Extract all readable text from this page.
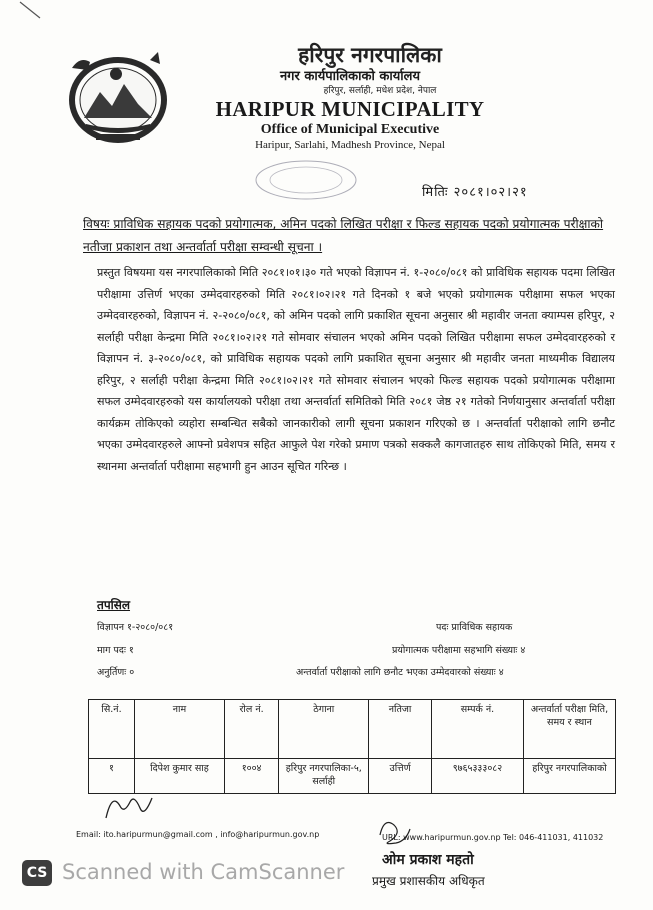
हरिपुर नगरपालिका
नगर कार्यपालिकाको कार्यालय
हरिपुर, सर्लाही, मधेश प्रदेश, नेपाल
HARIPUR MUNICIPALITY
Office of Municipal Executive
Haripur, Sarlahi, Madhesh Province, Nepal
मितिः २०८१।०२।२१
विषयः प्राविधिक सहायक पदको प्रयोगात्मक, अमिन पदको लिखित परीक्षा र फिल्ड सहायक पदको प्रयोगात्मक परीक्षाको नतीजा प्रकाशन तथा अन्तर्वार्ता परीक्षा सम्वन्धी सूचना ।
प्रस्तुत विषयमा यस नगरपालिकाको मिति २०८१।०१।३० गते भएको विज्ञापन नं. १-२०८०/०८१ को प्राविधिक सहायक पदमा लिखित परीक्षामा उत्तिर्ण भएका उम्मेदवारहरुको मिति २०८१।०२।२१ गते दिनको १ बजे भएको प्रयोगात्मक परीक्षामा सफल भएका उम्मेदवारहरुको, विज्ञापन नं. २-२०८०/०८१, को अमिन पदको लागि प्रकाशित सूचना अनुसार श्री महावीर जनता क्याम्पस हरिपुर, २ सर्लाही परीक्षा केन्द्रमा मिति २०८१।०२।२१ गते सोमवार संचालन भएको अमिन पदको लिखित परीक्षामा सफल उम्मेदवारहरुको र विज्ञापन नं. ३-२०८०/०८१, को प्राविधिक सहायक पदको लागि प्रकाशित सूचना अनुसार श्री महावीर जनता माध्यमीक विद्यालय हरिपुर, २ सर्लाही परीक्षा केन्द्रमा मिति २०८१।०२।२१ गते सोमवार संचालन भएको फिल्ड सहायक पदको प्रयोगात्मक परीक्षामा सफल उम्मेदवारहरुको यस कार्यालयको परीक्षा तथा अन्तर्वार्ता समितिको मिति २०८१ जेष्ठ २१ गतेको निर्णयानुसार अन्तर्वार्ता परीक्षा कार्यक्रम तोकिएको व्यहोरा सम्बन्धित सबैको जानकारीको लागी सूचना प्रकाशन गरिएको छ । अन्तर्वार्ता परीक्षाको लागि छनौट भएका उम्मेदवारहरुले आफ्नो प्रवेशपत्र सहित आफुले पेश गरेको प्रमाण पत्रको सक्कलै कागजातहरु साथ तोकिएको मिति, समय र स्थानमा अन्तर्वार्ता परीक्षामा सहभागी हुन आउन सूचित गरिन्छ ।
तपसिल
विज्ञापन १-२०८०/०८१	पदः प्राविधिक सहायक
माग पदः १	प्रयोगात्मक परीक्षामा सहभागि संख्याः ४
अनुर्तिणः ०	अन्तर्वार्ता परीक्षाको लागि छनौट भएका उम्मेदवारको संख्याः ४
सि.नं.	नाम	रोल नं.	ठेगाना	नतिजा	सम्पर्क नं.	अन्तर्वार्ता परीक्षा मिति, समय र स्थान
१	दिपेश कुमार साह	१००४	हरिपुर नगरपालिका-५, सर्लाही	उत्तिर्ण	९७६५३३३०८२	हरिपुर नगरपालिकाको
Email: ito.haripurmun@gmail.com , info@haripurmun.gov.np	URL: www.haripurmun.gov.np Tel: 046-411031, 411032
ओम प्रकाश महतो
प्रमुख प्रशासकीय अधिकृत
CS Scanned with CamScanner
